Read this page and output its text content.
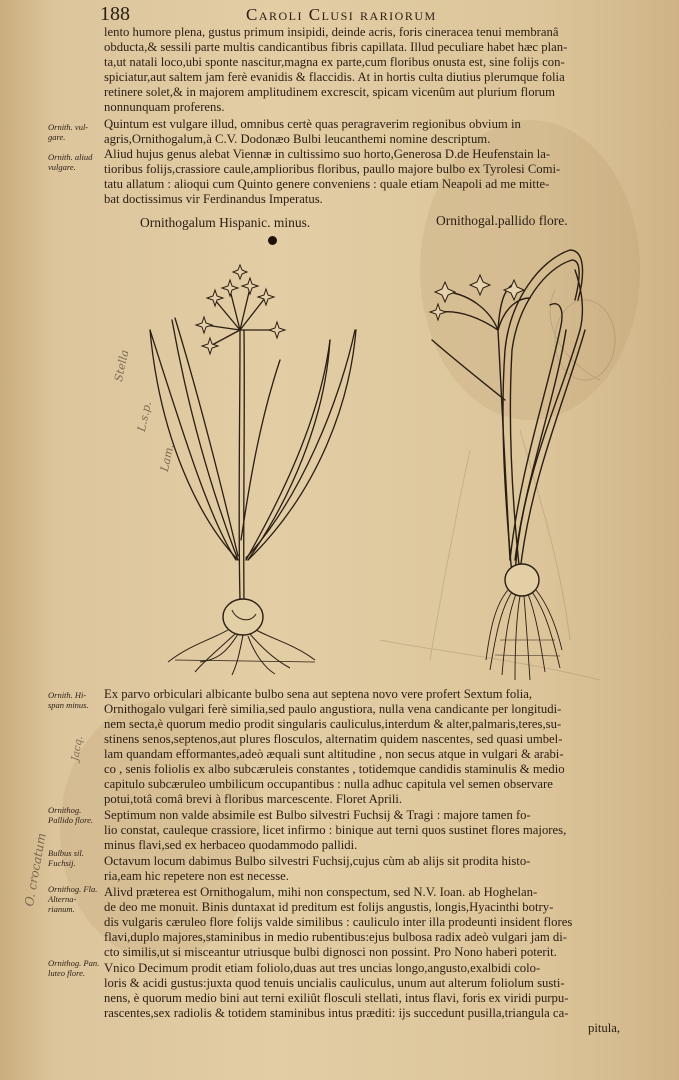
188	Caroli Clusi rariorum
lento humore plena, gustus primum insipidi, deinde acris, foris cineracea tenui membranâ
obducta,& sessili parte multis candicantibus fibris capillata. Illud peculiare habet hæc plan-
ta,ut natali loco,ubi sponte nascitur,magna ex parte,cum floribus onusta est, sine folijs con-
spiciatur,aut saltem jam ferè evanidis & flaccidis. At in hortis culta diutius plerumque folia
retinere solet,& in majorem amplitudinem excrescit, spicam vicenûm aut plurium florum
nonnunquam proferens.
Quintum est vulgare illud, omnibus certè quas peragraverim regionibus obvium in
agris,Ornithogalum,à C.V. Dodonæo Bulbi leucanthemi nomine descriptum.
Aliud hujus genus alebat Viennæ in cultissimo suo horto,Generosa D.de Heufenstain la-
tioribus folijs,crassiore caule,amplioribus floribus, paullo majore bulbo ex Tyrolesi Comi-
tatu allatum : alioqui cum Quinto genere conveniens : quale etiam Neapoli ad me mitte-
bat doctissimus vir Ferdinandus Imperatus.
Ornith. vul-gare.
Ornith. aliud vulgare.
Ornithogalum Hispanic. minus.	Ornithogal.pallido flore.
Stella
L.s.p.
Lam.
Ex parvo orbiculari albicante bulbo sena aut septena novo vere profert Sextum folia,
Ornithogalo vulgari ferè similia,sed paulo angustiora, nulla vena candicante per longitudi-
nem secta,è quorum medio prodit singularis cauliculus,interdum & alter,palmaris,teres,su-
stinens senos,septenos,aut plures flosculos, alternatim quidem nascentes, sed quasi umbel-
lam quandam efformantes,adeò æquali sunt altitudine , non secus atque in vulgari & arabi-
co , senis foliolis ex albo subcæruleis constantes , totidemque candidis staminulis & medio
capitulo subcæruleo umbilicum occupantibus : nulla adhuc capitula vel semen observare
potui,totâ comâ brevi à floribus marcescente. Floret Aprili.
Septimum non valde absimile est Bulbo silvestri Fuchsij & Tragi : majore tamen fo-
lio constat, cauleque crassiore, licet infirmo : binique aut terni quos sustinet flores majores,
minus flavi,sed ex herbaceo quodammodo pallidi.
Octavum locum dabimus Bulbo silvestri Fuchsij,cujus cùm ab alijs sit prodita histo-
ria,eam hic repetere non est necesse.
Alivd præterea est Ornithogalum, mihi non conspectum, sed N.V. Ioan. ab Hoghelan-
de deo me monuit. Binis duntaxat id preditum est folijs angustis, longis,Hyacinthi botry-
dis vulgaris cæruleo flore folijs valde similibus : cauliculo inter illa prodeunti insident flores
flavi,duplo majores,staminibus in medio rubentibus:ejus bulbosa radix adeò vulgari jam di-
cto similis,ut si misceantur utriusque bulbi dignosci non possint. Pro Nono haberi poterit.
Vnico Decimum prodit etiam foliolo,duas aut tres uncias longo,angusto,exalbidi colo-
loris & acidi gustus:juxta quod tenuis uncialis cauliculus, unum aut alterum foliolum susti-
nens, è quorum medio bini aut terni exiliût flosculi stellati, intus flavi, foris ex viridi purpu-
rascentes,sex radiolis & totidem staminibus intus præditi: ijs succedunt pusilla,triangula ca-
pitula,
Ornith. Hi-span minus.
Ornithog. Pallido flore.
Bulbus sil. Fuchsij.
Ornithog. Fla. Alterna-rianum.
Ornithog. Pan. luteo flore.
O. crocatum
Jacq.
